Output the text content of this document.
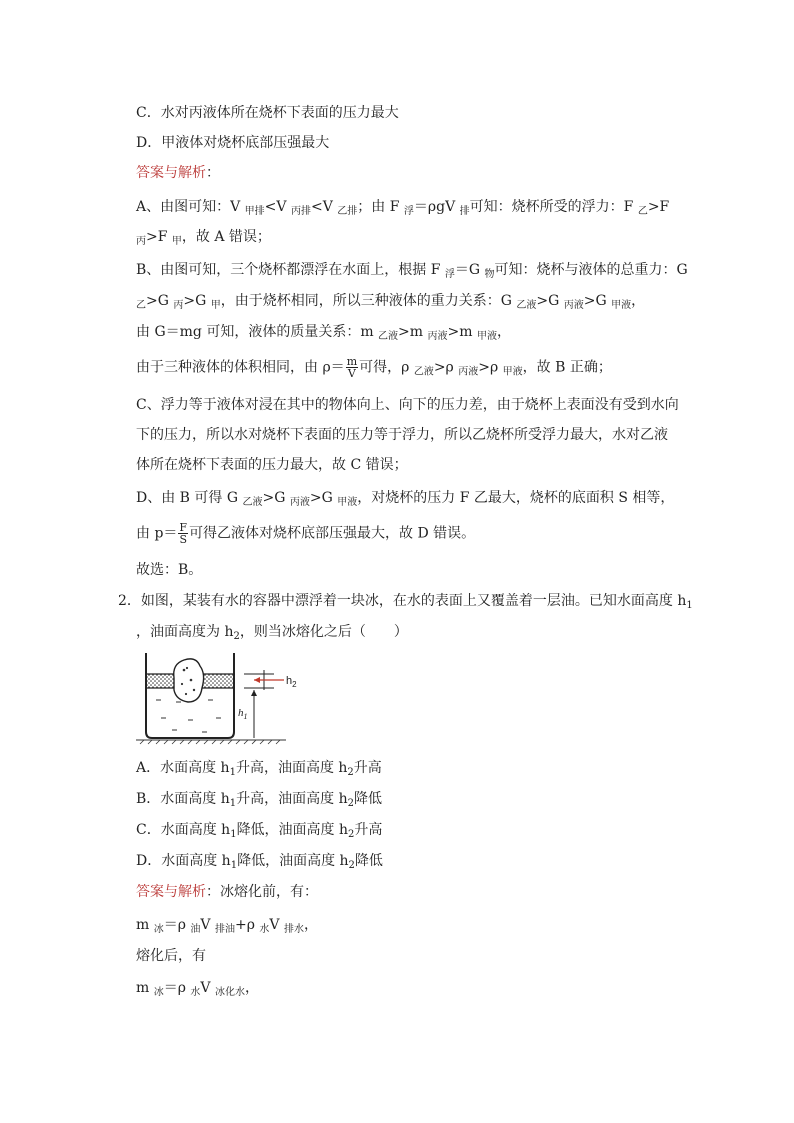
C．水对丙液体所在烧杯下表面的压力最大
D．甲液体对烧杯底部压强最大
答案与解析：
A、由图可知：V $_{甲排}$<V $_{丙排}$<V $_{乙排}$；由 F $_浮$＝ρgV $_排$可知：烧杯所受的浮力：F $_乙$>F
$_丙$>F $_甲$，故 A 错误；
B、由图可知，三个烧杯都漂浮在水面上，根据 F $_浮$＝G $_物$可知：烧杯与液体的总重力：G
$_乙$>G $_丙$>G $_甲$，由于烧杯相同，所以三种液体的重力关系：G $_{乙液}$>G $_{丙液}$>G $_{甲液}$，
由 G＝mg 可知，液体的质量关系：m $_{乙液}$>m $_{丙液}$>m $_{甲液}$，
由于三种液体的体积相同，由 $\rho= \frac{m}{V}$ 可得，ρ $_{乙液}$>ρ $_{丙液}$>ρ $_{甲液}$，故 B 正确；
C、浮力等于液体对浸在其中的物体向上、向下的压力差，由于烧杯上表面没有受到水向
下的压力，所以水对烧杯下表面的压力等于浮力，所以乙烧杯所受浮力最大，水对乙液
体所在烧杯下表面的压力最大，故 C 错误；
D、由 B 可得 G $_{乙液}$>G $_{丙液}$>G $_{甲液}$，对烧杯的压力 F 乙最大，烧杯的底面积 S 相等，
由 $p= \frac{F}{S}$ 可得乙液体对烧杯底部压强最大，故 D 错误。
故选：B。
2．如图，某装有水的容器中漂浮着一块冰，在水的表面上又覆盖着一层油。已知水面高度 $h_1$
，油面高度为 $h_2$，则当冰熔化之后（　　）
$h_2$
$h_1$
A．水面高度 $h_1$升高，油面高度 $h_2$升高
B．水面高度 $h_1$升高，油面高度 $h_2$降低
C．水面高度 $h_1$降低，油面高度 $h_2$升高
D．水面高度 $h_1$降低，油面高度 $h_2$降低
答案与解析：冰熔化前，有：
m $_冰$＝ρ $_油$V $_{排油}$+ρ $_水$V $_{排水}$，
熔化后，有
m $_冰$＝ρ $_水$V $_{冰化水}$，
